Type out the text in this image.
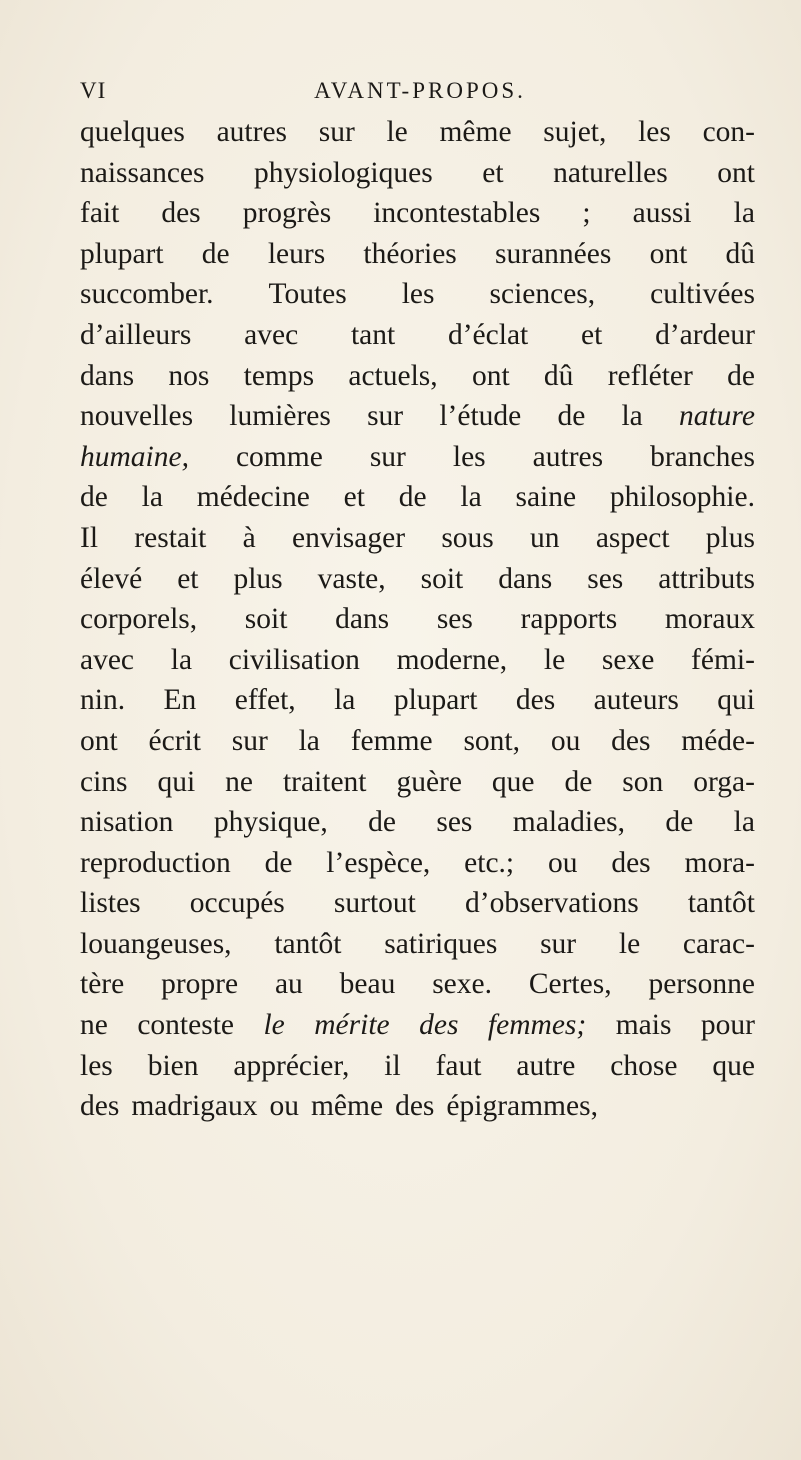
VI	AVANT-PROPOS.
quelques autres sur le même sujet, les con-
naissances physiologiques et naturelles ont
fait des progrès incontestables ; aussi la
plupart de leurs théories surannées ont dû
succomber. Toutes les sciences, cultivées
d’ailleurs avec tant d’éclat et d’ardeur
dans nos temps actuels, ont dû refléter de
nouvelles lumières sur l’étude de la nature
humaine, comme sur les autres branches
de la médecine et de la saine philosophie.
Il restait à envisager sous un aspect plus
élevé et plus vaste, soit dans ses attributs
corporels, soit dans ses rapports moraux
avec la civilisation moderne, le sexe fémi-
nin. En effet, la plupart des auteurs qui
ont écrit sur la femme sont, ou des méde-
cins qui ne traitent guère que de son orga-
nisation physique, de ses maladies, de la
reproduction de l’espèce, etc.; ou des mora-
listes occupés surtout d’observations tantôt
louangeuses, tantôt satiriques sur le carac-
tère propre au beau sexe. Certes, personne
ne conteste le mérite des femmes; mais pour
les bien apprécier, il faut autre chose que
des madrigaux ou même des épigrammes,
